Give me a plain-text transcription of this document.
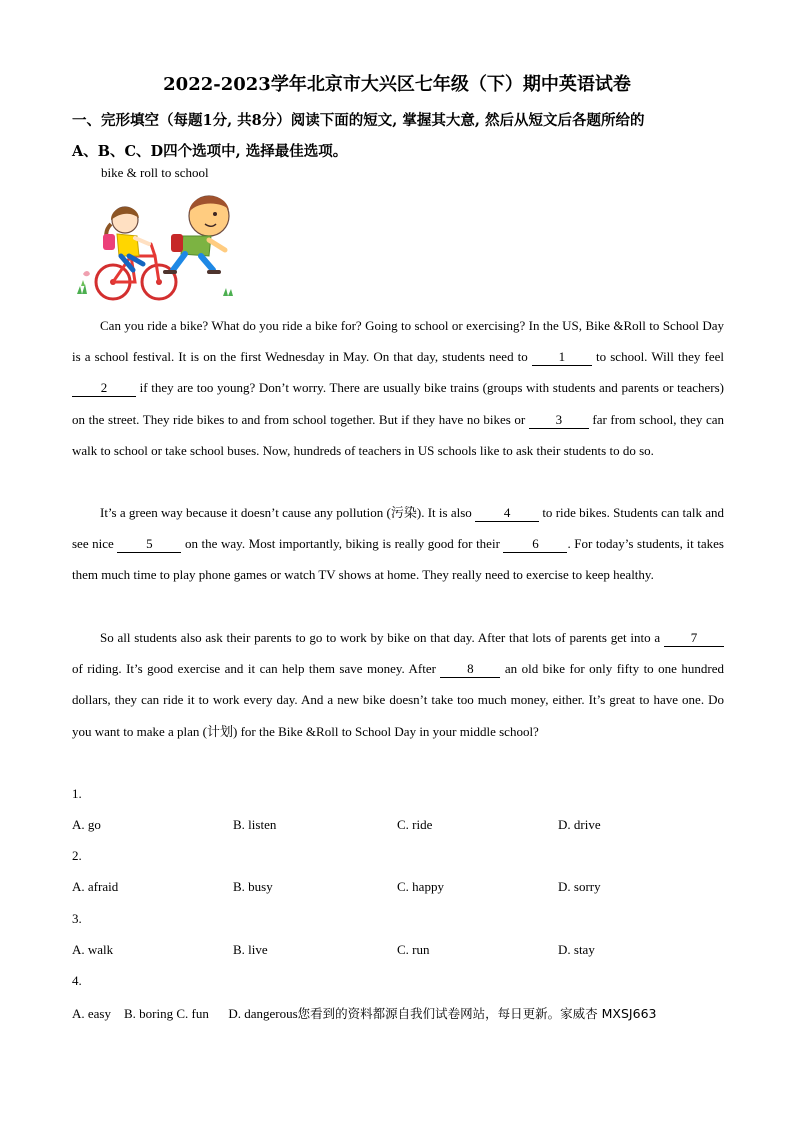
2022-2023学年北京市大兴区七年级（下）期中英语试卷
一、完形填空（每题1分, 共8分）阅读下面的短文, 掌握其大意, 然后从短文后各题所给的
A、B、C、D四个选项中, 选择最佳选项。
bike & roll to school

Can you ride a bike? What do you ride a bike for? Going to school or exercising? In the US, Bike &Roll to School Day is a school festival. It is on the first Wednesday in May. On that day, students need to 1 to school. Will they feel 2 if they are too young? Don’t worry. There are usually bike trains (groups with students and parents or teachers) on the street. They ride bikes to and from school together. But if they have no bikes or 3 far from school, they can walk to school or take school buses. Now, hundreds of teachers in US schools like to ask their students to do so.

It’s a green way because it doesn’t cause any pollution (污染). It is also 4 to ride bikes. Students can talk and see nice 5 on the way. Most importantly, biking is really good for their 6 . For today’s students, it takes them much time to play phone games or watch TV shows at home. They really need to exercise to keep healthy.

So all students also ask their parents to go to work by bike on that day. After that lots of parents get into a 7 of riding. It’s good exercise and it can help them save money. After 8 an old bike for only fifty to one hundred dollars, they can ride it to work every day. And a new bike doesn’t take too much money, either. It’s great to have one. Do you want to make a plan (计划) for the Bike &Roll to School Day in your middle school?

1.
A. go	B. listen	C. ride	D. drive
2.
A. afraid	B. busy	C. happy	D. sorry
3.
A. walk	B. live	C. run	D. stay
4.
A. easy    B. boring C. fun      D. dangerous您看到的资料都源自我们试卷网站，每日更新。家威杏 MXSJ663
